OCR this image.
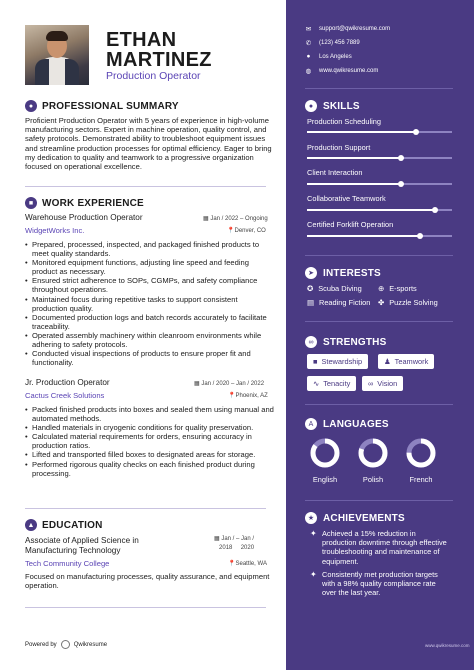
ETHAN
MARTINEZ
Production Operator
● PROFESSIONAL SUMMARY
Proficient Production Operator with 5 years of experience in high-volume manufacturing sectors. Expert in machine operation, quality control, and safety protocols. Demonstrated ability to troubleshoot equipment issues and streamline production processes for optimal efficiency. Eager to bring my dedication to quality and teamwork to a progressive organization focused on operational excellence.
■ WORK EXPERIENCE
Warehouse Production Operator	▦ Jan / 2022 – Ongoing
WidgetWorks Inc.	📍Denver, CO
• Prepared, processed, inspected, and packaged finished products to meet quality standards.
• Monitored equipment functions, adjusting line speed and feeding product as necessary.
• Ensured strict adherence to SOPs, CGMPs, and safety compliance throughout operations.
• Maintained focus during repetitive tasks to support consistent production quality.
• Documented production logs and batch records accurately to facilitate traceability.
• Operated assembly machinery within cleanroom environments while adhering to safety protocols.
• Conducted visual inspections of products to ensure proper fit and functionality.
Jr. Production Operator	▦ Jan / 2020 – Jan / 2022
Cactus Creek Solutions	📍Phoenix, AZ
• Packed finished products into boxes and sealed them using manual and automated methods.
• Handled materials in cryogenic conditions for quality preservation.
• Calculated material requirements for orders, ensuring accuracy in production ratios.
• Lifted and transported filled boxes to designated areas for storage.
• Performed rigorous quality checks on each finished product during processing.
▲ EDUCATION
Associate of Applied Science in Manufacturing Technology
▦ Jan / – Jan /
2018 2020
Tech Community College	📍Seattle, WA
Focused on manufacturing processes, quality assurance, and equipment operation.
Powered by	Qwikresume
✉ support@qwikresume.com
✆ (123) 456 7889
● Los Angeles
◍ www.qwikresume.com
● SKILLS
Production Scheduling
Production Support
Client Interaction
Collaborative Teamwork
Certified Forklift Operation
➤ INTERESTS
✪ Scuba Diving ⊕ E-sports
▤ Reading Fiction ✤ Puzzle Solving
∞ STRENGTHS
■ Stewardship	♟ Teamwork
∿ Tenacity ∞ Vision
A LANGUAGES
English	Polish	French
★ ACHIEVEMENTS
✦ Achieved a 15% reduction in production downtime through effective troubleshooting and maintenance of equipment.
✦ Consistently met production targets with a 98% quality compliance rate over the last year.
www.qwikresume.com
